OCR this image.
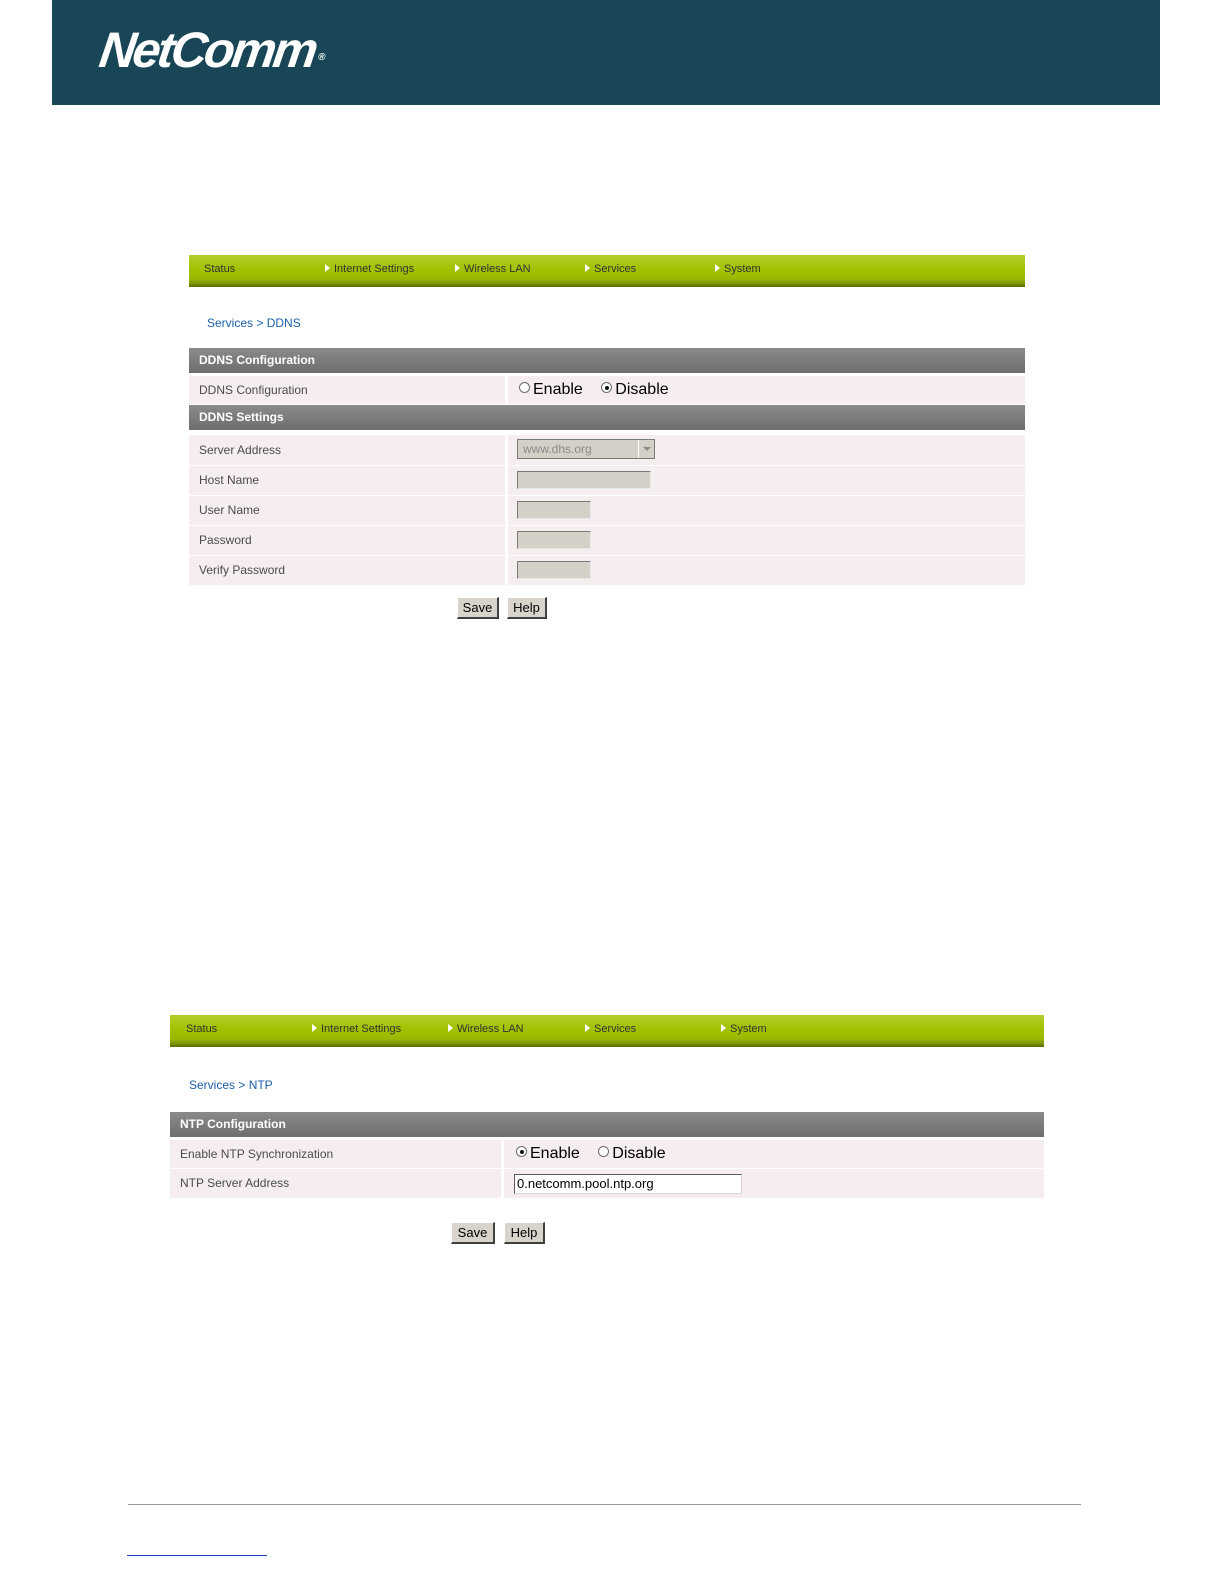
NetComm®
Status	Internet Settings	Wireless LAN	Services	System
Services > DDNS
DDNS Configuration
DDNS Configuration	Enable Disable
DDNS Settings
Server Address	www.dhs.org
Host Name
User Name
Password
Verify Password
Save	Help
Status	Internet Settings	Wireless LAN	Services	System
Services > NTP
NTP Configuration
Enable NTP Synchronization	Enable Disable
NTP Server Address	0.netcomm.pool.ntp.org
Save	Help
